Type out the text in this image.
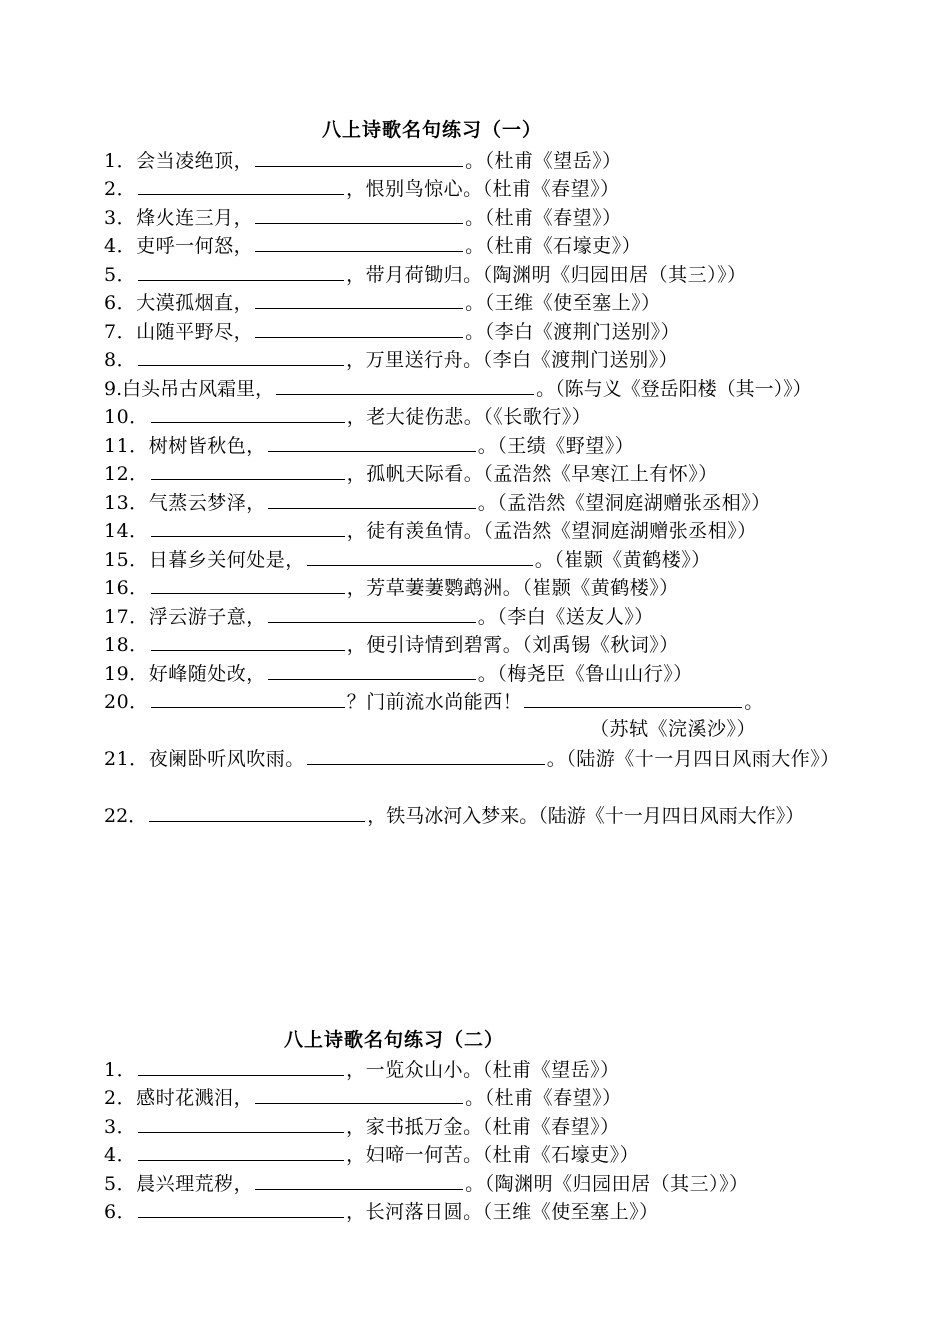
八上诗歌名句练习（一）
1．会当凌绝顶，	。（杜甫《望岳》）
2．	，恨别鸟惊心。（杜甫《春望》）
3．烽火连三月，	。（杜甫《春望》）
4．吏呼一何怒，	。（杜甫《石壕吏》）
5．	，带月荷锄归。（陶渊明《归园田居（其三）》）
6．大漠孤烟直，	。（王维《使至塞上》）
7．山随平野尽，	。（李白《渡荆门送别》）
8．	，万里送行舟。（李白《渡荆门送别》）
9.白头吊古风霜里，	。（陈与义《登岳阳楼（其一）》）
10．	，老大徒伤悲。（《长歌行》）
11．树树皆秋色，	。（王绩《野望》）
12．	，孤帆天际看。（孟浩然《早寒江上有怀》）
13．气蒸云梦泽，	。（孟浩然《望洞庭湖赠张丞相》）
14．	，徒有羡鱼情。（孟浩然《望洞庭湖赠张丞相》）
15．日暮乡关何处是，	。（崔颢《黄鹤楼》）
16．	，芳草萋萋鹦鹉洲。（崔颢《黄鹤楼》）
17．浮云游子意，	。（李白《送友人》）
18．	，便引诗情到碧霄。（刘禹锡《秋词》）
19．好峰随处改，	。（梅尧臣《鲁山山行》）
20．	？门前流水尚能西！	。
（苏轼《浣溪沙》）
21．夜阑卧听风吹雨。	。（陆游《十一月四日风雨大作》）
22．	，铁马冰河入梦来。（陆游《十一月四日风雨大作》）
八上诗歌名句练习（二）
1．	，一览众山小。（杜甫《望岳》）
2．感时花溅泪，	。（杜甫《春望》）
3．	，家书抵万金。（杜甫《春望》）
4．	，妇啼一何苦。（杜甫《石壕吏》）
5．晨兴理荒秽，	。（陶渊明《归园田居（其三）》）
6．	，长河落日圆。（王维《使至塞上》）
